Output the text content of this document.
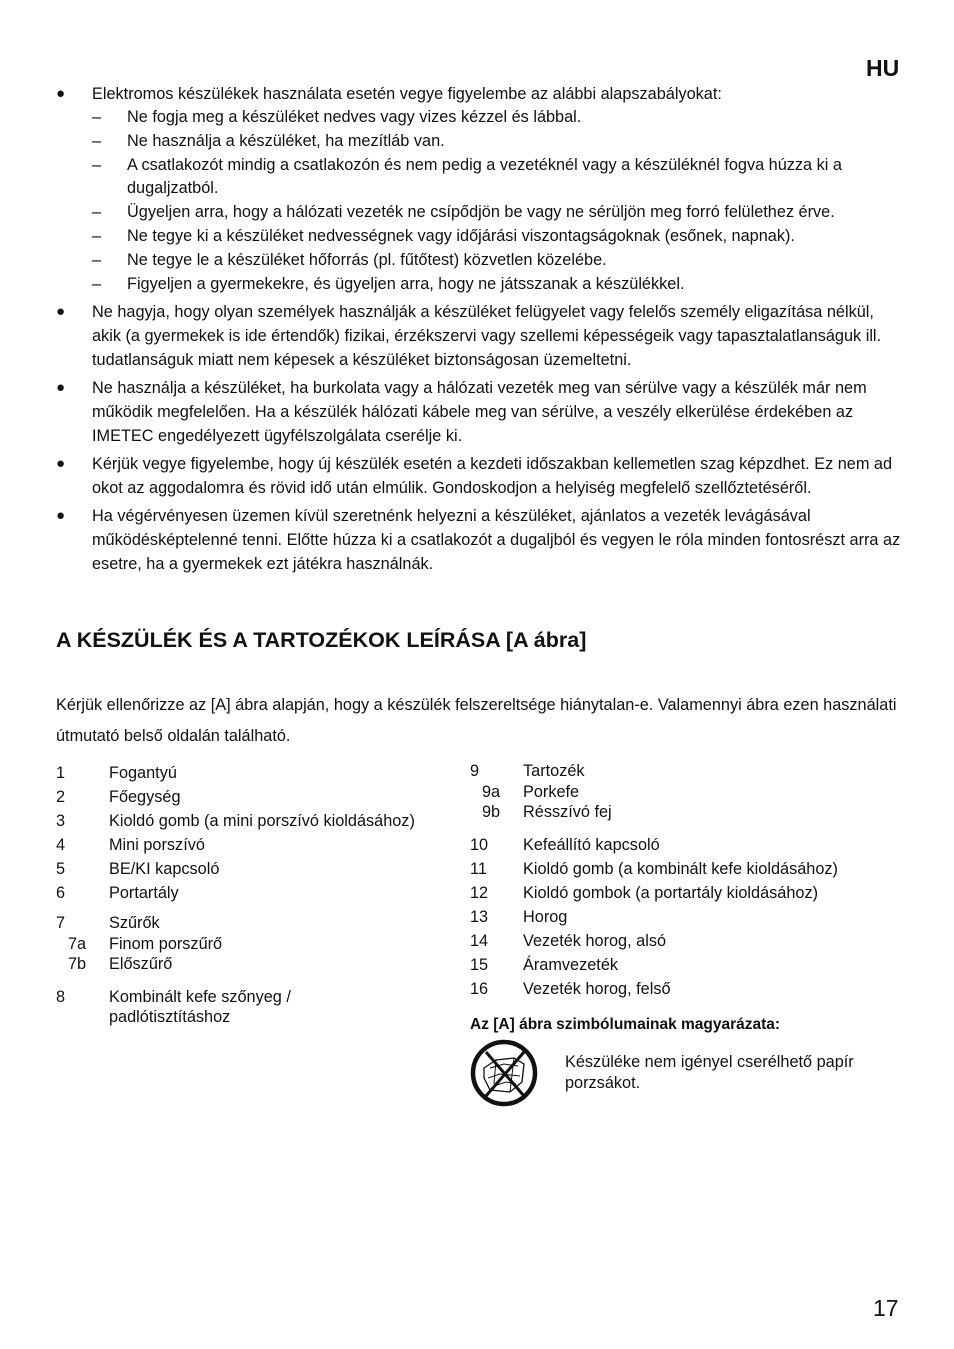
HU
● Elektromos készülékek használata esetén vegye figyelembe az alábbi alapszabályokat:
– Ne fogja meg a készüléket nedves vagy vizes kézzel és lábbal.
– Ne használja a készüléket, ha mezítláb van.
– A csatlakozót mindig a csatlakozón és nem pedig a vezetéknél vagy a készüléknél fogva húzza ki a dugaljzatból.
– Ügyeljen arra, hogy a hálózati vezeték ne csípődjön be vagy ne sérüljön meg forró felülethez érve.
– Ne tegye ki a készüléket nedvességnek vagy időjárási viszontagságoknak (esőnek, napnak).
– Ne tegye le a készüléket hőforrás (pl. fűtőtest) közvetlen közelébe.
– Figyeljen a gyermekekre, és ügyeljen arra, hogy ne játsszanak a készülékkel.
● Ne hagyja, hogy olyan személyek használják a készüléket felügyelet vagy felelős személy eligazítása nélkül, akik (a gyermekek is ide értendők) fizikai, érzékszervi vagy szellemi képességeik vagy tapasztalatlanságuk ill. tudatlanságuk miatt nem képesek a készüléket biztonságosan üzemeltetni.
● Ne használja a készüléket, ha burkolata vagy a hálózati vezeték meg van sérülve vagy a készülék már nem működik megfelelően. Ha a készülék hálózati kábele meg van sérülve, a veszély elkerülése érdekében az IMETEC engedélyezett ügyfélszolgálata cserélje ki.
● Kérjük vegye figyelembe, hogy új készülék esetén a kezdeti időszakban kellemetlen szag képzdhet. Ez nem ad okot az aggodalomra és rövid idő után elmúlik. Gondoskodjon a helyiség megfelelő szellőztetéséről.
● Ha végérvényesen üzemen kívül szeretnénk helyezni a készüléket, ajánlatos a vezeték levágásával működésképtelenné tenni. Előtte húzza ki a csatlakozót a dugaljból és vegyen le róla minden fontosrészt arra az esetre, ha a gyermekek ezt játékra használnák.
A KÉSZÜLÉK ÉS A TARTOZÉKOK LEÍRÁSA [A ábra]
Kérjük ellenőrizze az [A] ábra alapján, hogy a készülék felszereltsége hiánytalan-e. Valamennyi ábra ezen használati útmutató belső oldalán található.
1	Fogantyú
2	Főegység
3	Kioldó gomb (a mini porszívó kioldásához)
4	Mini porszívó
5	BE/KI kapcsoló
6	Portartály
7	Szűrők
7a	Finom porszűrő
7b	Előszűrő
8	Kombinált kefe szőnyeg / padlótisztításhoz
9	Tartozék
9a	Porkefe
9b	Résszívó fej
10	Kefeállító kapcsoló
11	Kioldó gomb (a kombinált kefe kioldásához)
12	Kioldó gombok (a portartály kioldásához)
13	Horog
14	Vezeték horog, alsó
15	Áramvezeték
16	Vezeték horog, felső
Az [A] ábra szimbólumainak magyarázata:
Készüléke nem igényel cserélhető papír porzsákot.
17
